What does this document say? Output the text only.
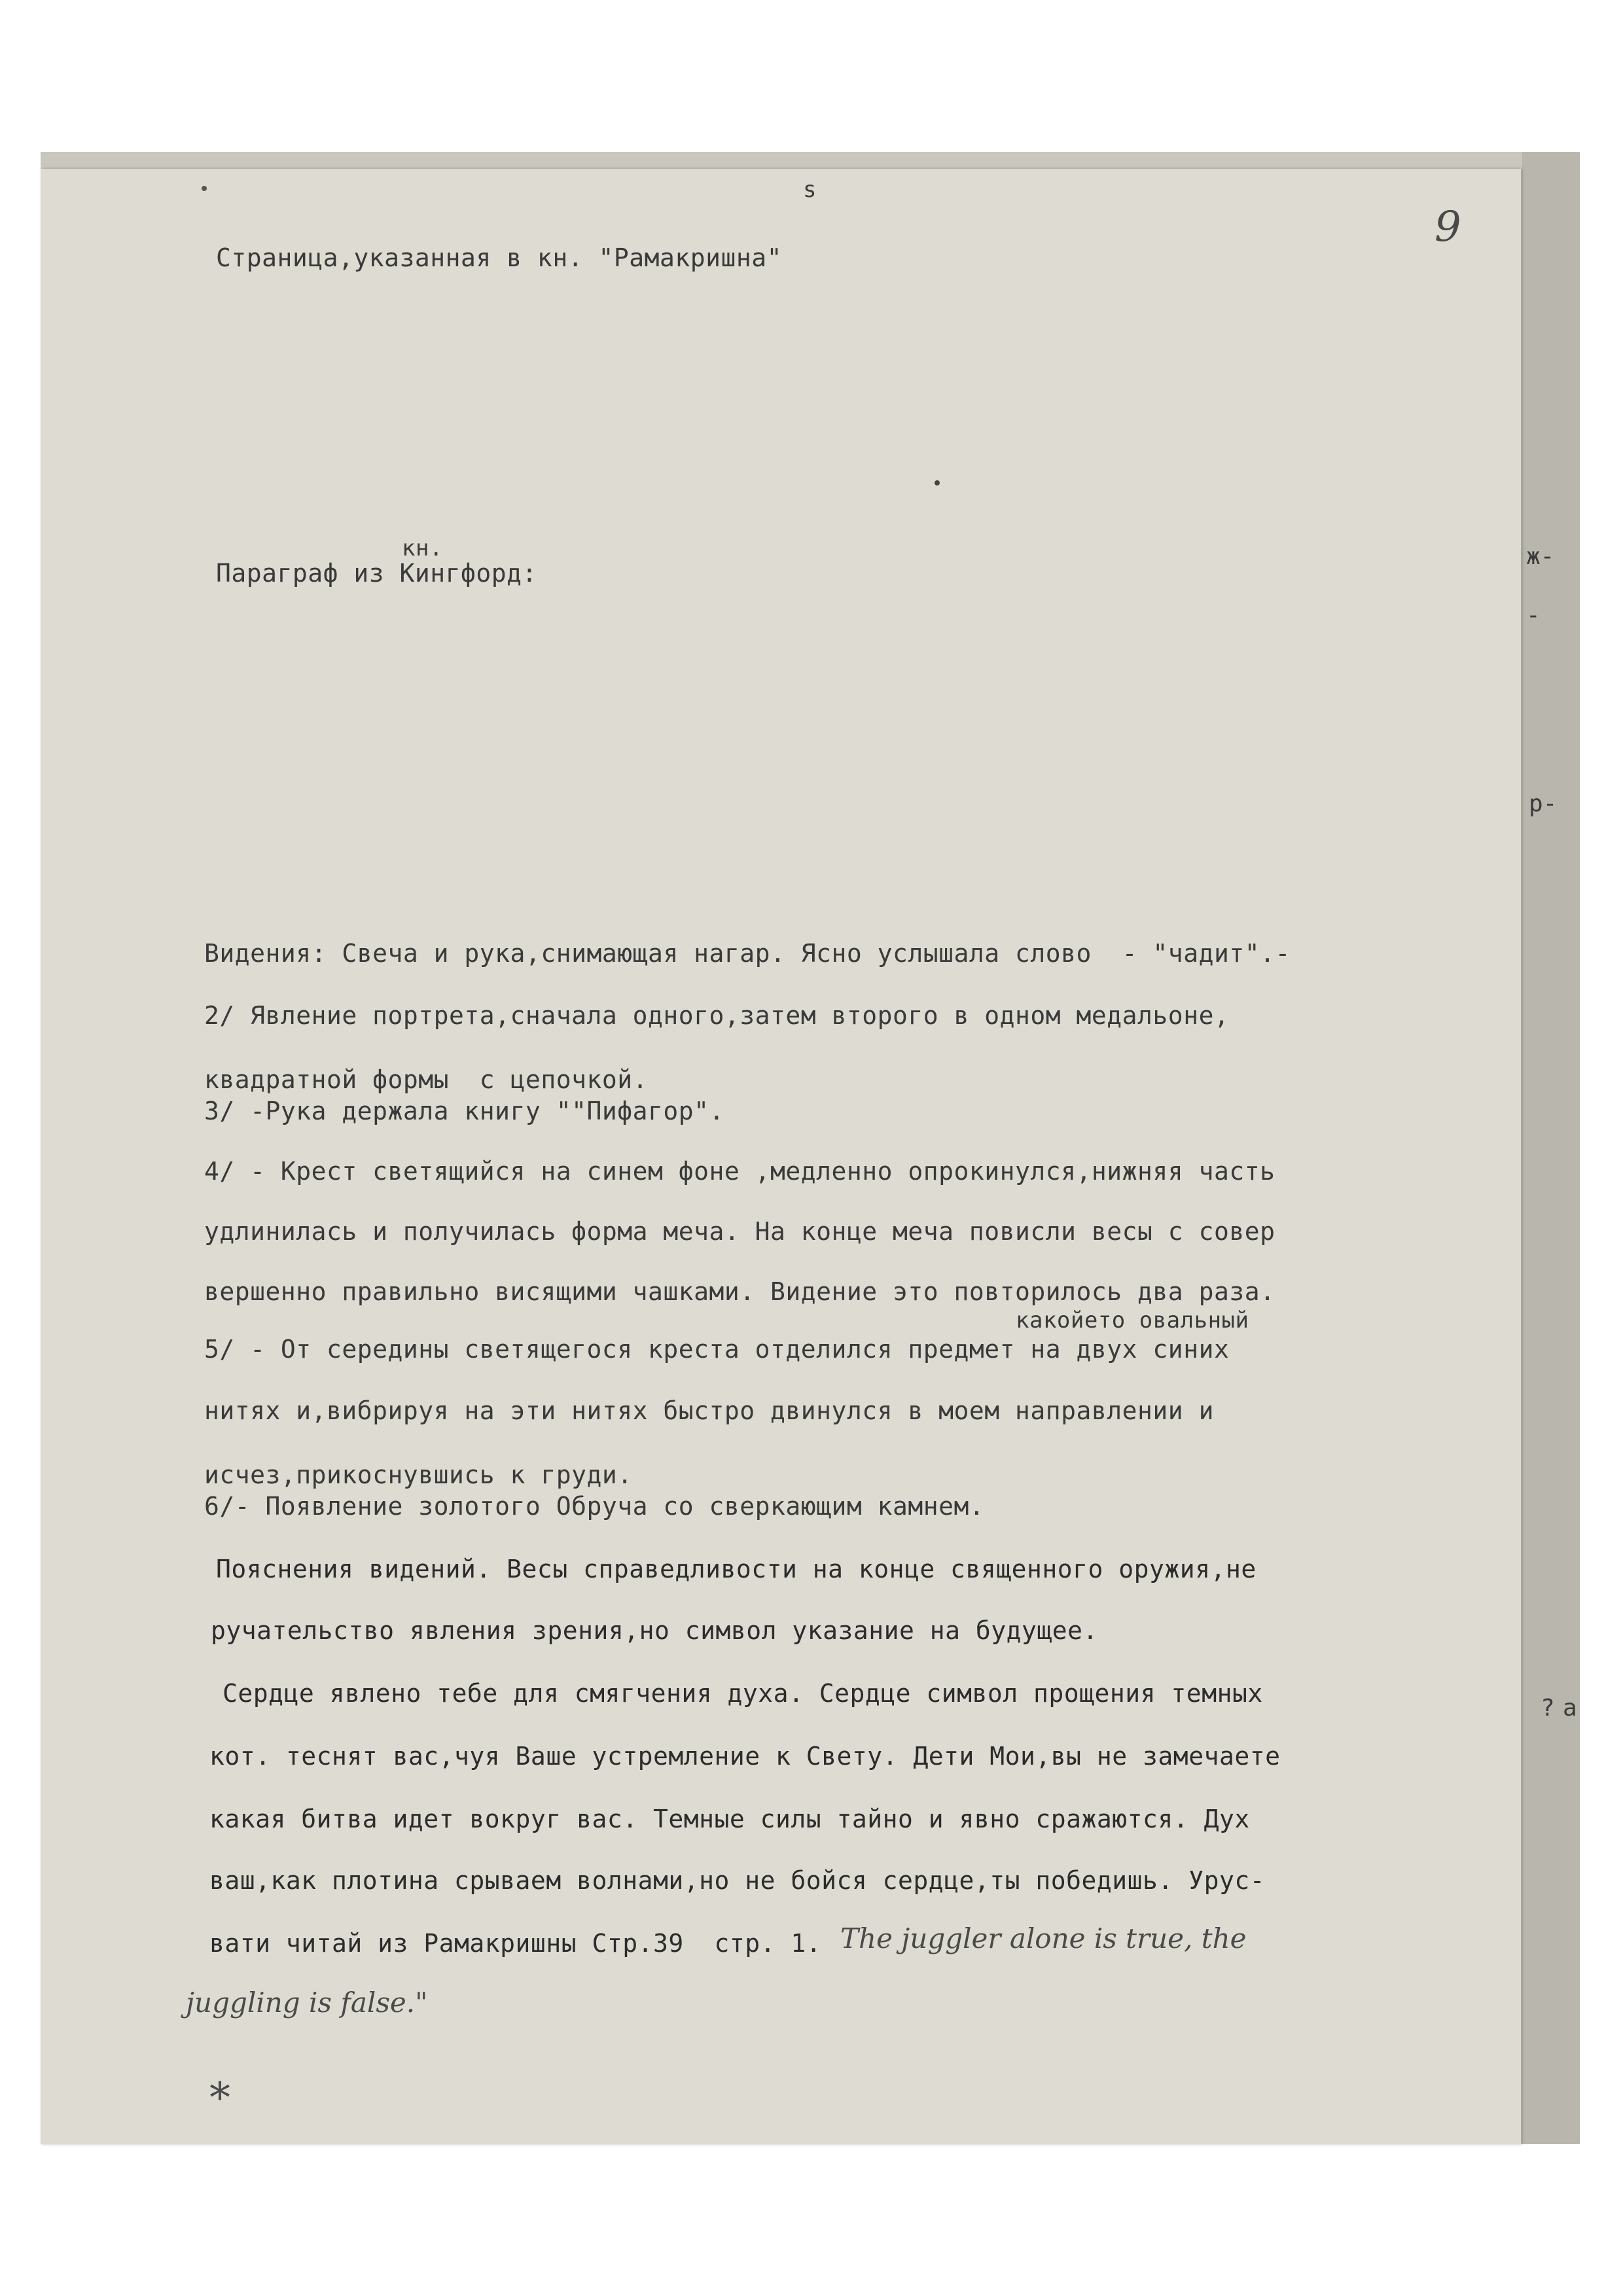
s
9
Страница,указанная в кн. "Рамакришна"
кн.
Параграф из Кингфорд:
Видения: Свеча и рука,снимающая нагар. Ясно услышала слово  - "чадит".-
2/ Явление портрета,сначала одного,затем второго в одном медальоне,
квадратной формы  с цепочкой.
3/ -Рука держала книгу ""Пифагор".
4/ - Крест светящийся на синем фоне ,медленно опрокинулся,нижняя часть
удлинилась и получилась форма меча. На конце меча повисли весы с совер
вершенно правильно висящими чашками. Видение это повторилось два раза.
какойето овальный
5/ - От середины светящегося креста отделился предмет на двух синих
нитях и,вибрируя на эти нитях быстро двинулся в моем направлении и
исчез,прикоснувшись к груди.
6/- Появление золотого Обруча со сверкающим камнем.
Пояснения видений. Весы справедливости на конце священного оружия,не
ручательство явления зрения,но символ указание на будущее.
Сердце явлено тебе для смягчения духа. Сердце символ прощения темных
кот. теснят вас,чуя Ваше устремление к Свету. Дети Мои,вы не замечаете
какая битва идет вокруг вас. Темные силы тайно и явно сражаются. Дух
ваш,как плотина срываем волнами,но не бойся сердце,ты победишь. Урус-
вати читай из Рамакришны Стр.39  стр. 1. The juggler alone is true, the
juggling is false."
*
ж-
-
р-
? а
